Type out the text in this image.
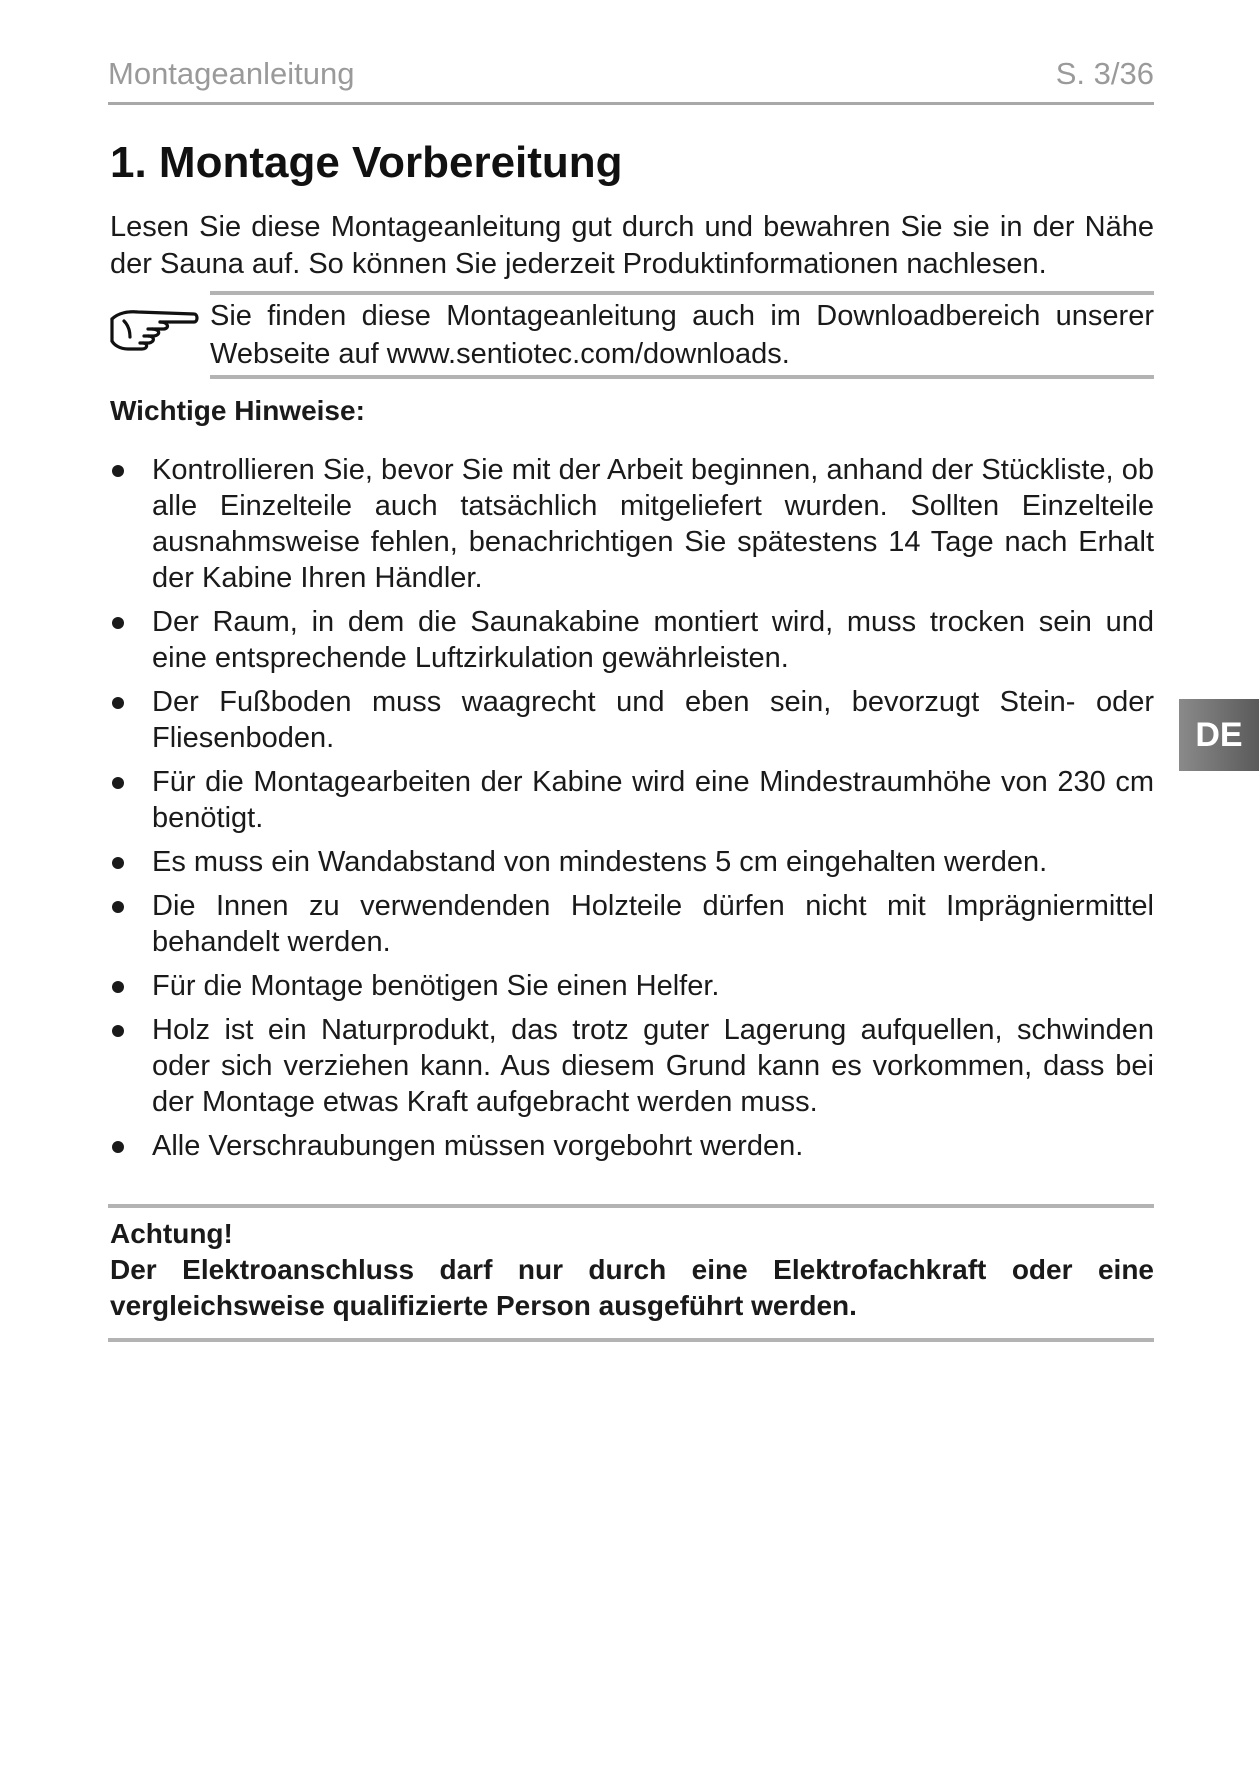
Montageanleitung	S. 3/36
1. Montage Vorbereitung

Lesen Sie diese Montageanleitung gut durch und bewahren Sie sie in der Nähe der Sauna auf. So können Sie jederzeit Produktinformationen nachlesen.

Sie finden diese Montageanleitung auch im Downloadbereich unserer Webseite auf www.sentiotec.com/downloads.

Wichtige Hinweise:
Kontrollieren Sie, bevor Sie mit der Arbeit beginnen, anhand der Stückliste, ob alle Einzelteile auch tatsächlich mitgeliefert wurden. Sollten Einzelteile ausnahmsweise fehlen, benachrichtigen Sie spätestens 14 Tage nach Erhalt der Kabine Ihren Händler.
Der Raum, in dem die Saunakabine montiert wird, muss trocken sein und eine entsprechende Luftzirkulation gewährleisten.
Der Fußboden muss waagrecht und eben sein, bevorzugt Stein- oder Fliesenboden.
Für die Montagearbeiten der Kabine wird eine Mindestraumhöhe von 230 cm benötigt.
Es muss ein Wandabstand von mindestens 5 cm eingehalten werden.
Die Innen zu verwendenden Holzteile dürfen nicht mit Imprägniermittel behandelt werden.
Für die Montage benötigen Sie einen Helfer.
Holz ist ein Naturprodukt, das trotz guter Lagerung aufquellen, schwinden oder sich verziehen kann. Aus diesem Grund kann es vorkommen, dass bei der Montage etwas Kraft aufgebracht werden muss.
Alle Verschraubungen müssen vorgebohrt werden.

Achtung!

Der Elektroanschluss darf nur durch eine Elektrofachkraft oder eine vergleichsweise qualifizierte Person ausgeführt werden.

DE
